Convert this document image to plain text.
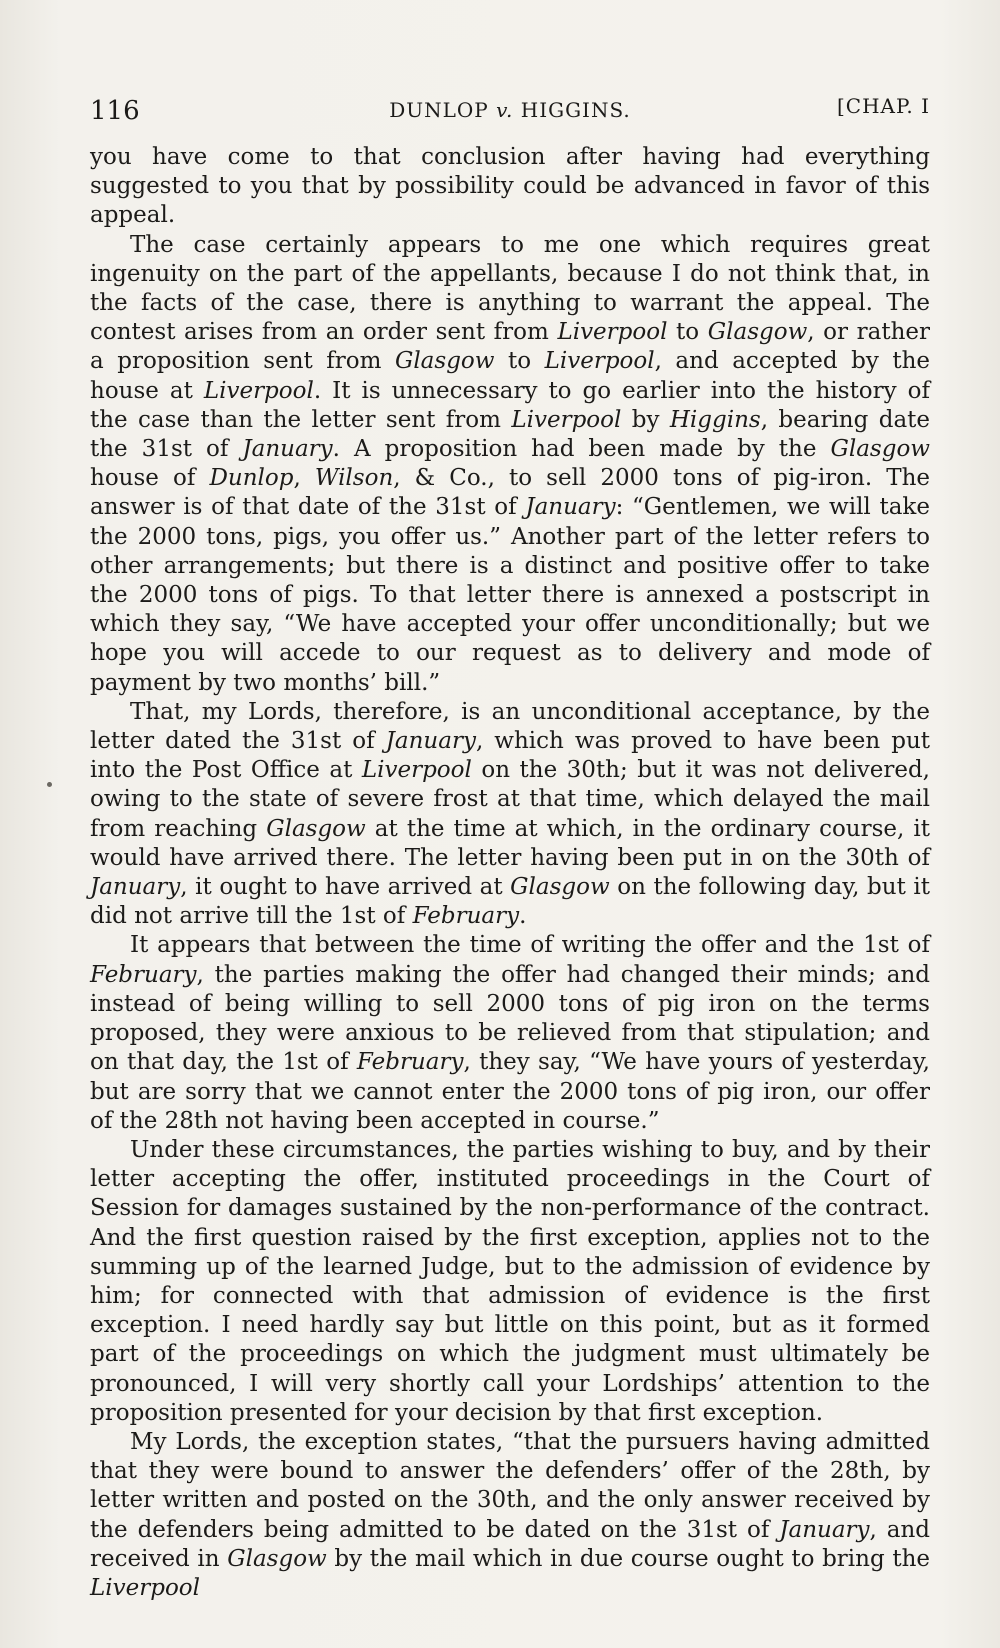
116	DUNLOP v. HIGGINS.	[CHAP. I

you have come to that conclusion after having had everything suggested to you that by possibility could be advanced in favor of this appeal.

The case certainly appears to me one which requires great ingenuity on the part of the appellants, because I do not think that, in the facts of the case, there is anything to warrant the appeal. The contest arises from an order sent from Liverpool to Glasgow, or rather a proposition sent from Glasgow to Liverpool, and accepted by the house at Liverpool. It is unnecessary to go earlier into the history of the case than the letter sent from Liverpool by Higgins, bearing date the 31st of January. A proposition had been made by the Glasgow house of Dunlop, Wilson, & Co., to sell 2000 tons of pig-iron. The answer is of that date of the 31st of January: “Gentlemen, we will take the 2000 tons, pigs, you offer us.” Another part of the letter refers to other arrangements; but there is a distinct and positive offer to take the 2000 tons of pigs. To that letter there is annexed a postscript in which they say, “We have accepted your offer unconditionally; but we hope you will accede to our request as to delivery and mode of payment by two months’ bill.”

That, my Lords, therefore, is an unconditional acceptance, by the letter dated the 31st of January, which was proved to have been put into the Post Office at Liverpool on the 30th; but it was not delivered, owing to the state of severe frost at that time, which delayed the mail from reaching Glasgow at the time at which, in the ordinary course, it would have arrived there. The letter having been put in on the 30th of January, it ought to have arrived at Glasgow on the following day, but it did not arrive till the 1st of February.

It appears that between the time of writing the offer and the 1st of February, the parties making the offer had changed their minds; and instead of being willing to sell 2000 tons of pig iron on the terms proposed, they were anxious to be relieved from that stipulation; and on that day, the 1st of February, they say, “We have yours of yesterday, but are sorry that we cannot enter the 2000 tons of pig iron, our offer of the 28th not having been accepted in course.”

Under these circumstances, the parties wishing to buy, and by their letter accepting the offer, instituted proceedings in the Court of Session for damages sustained by the non-performance of the contract. And the first question raised by the first exception, applies not to the summing up of the learned Judge, but to the admission of evidence by him; for connected with that admission of evidence is the first exception. I need hardly say but little on this point, but as it formed part of the proceedings on which the judgment must ultimately be pronounced, I will very shortly call your Lordships’ attention to the proposition presented for your decision by that first exception.

My Lords, the exception states, “that the pursuers having admitted that they were bound to answer the defenders’ offer of the 28th, by letter written and posted on the 30th, and the only answer received by the defenders being admitted to be dated on the 31st of January, and received in Glasgow by the mail which in due course ought to bring the Liverpool
